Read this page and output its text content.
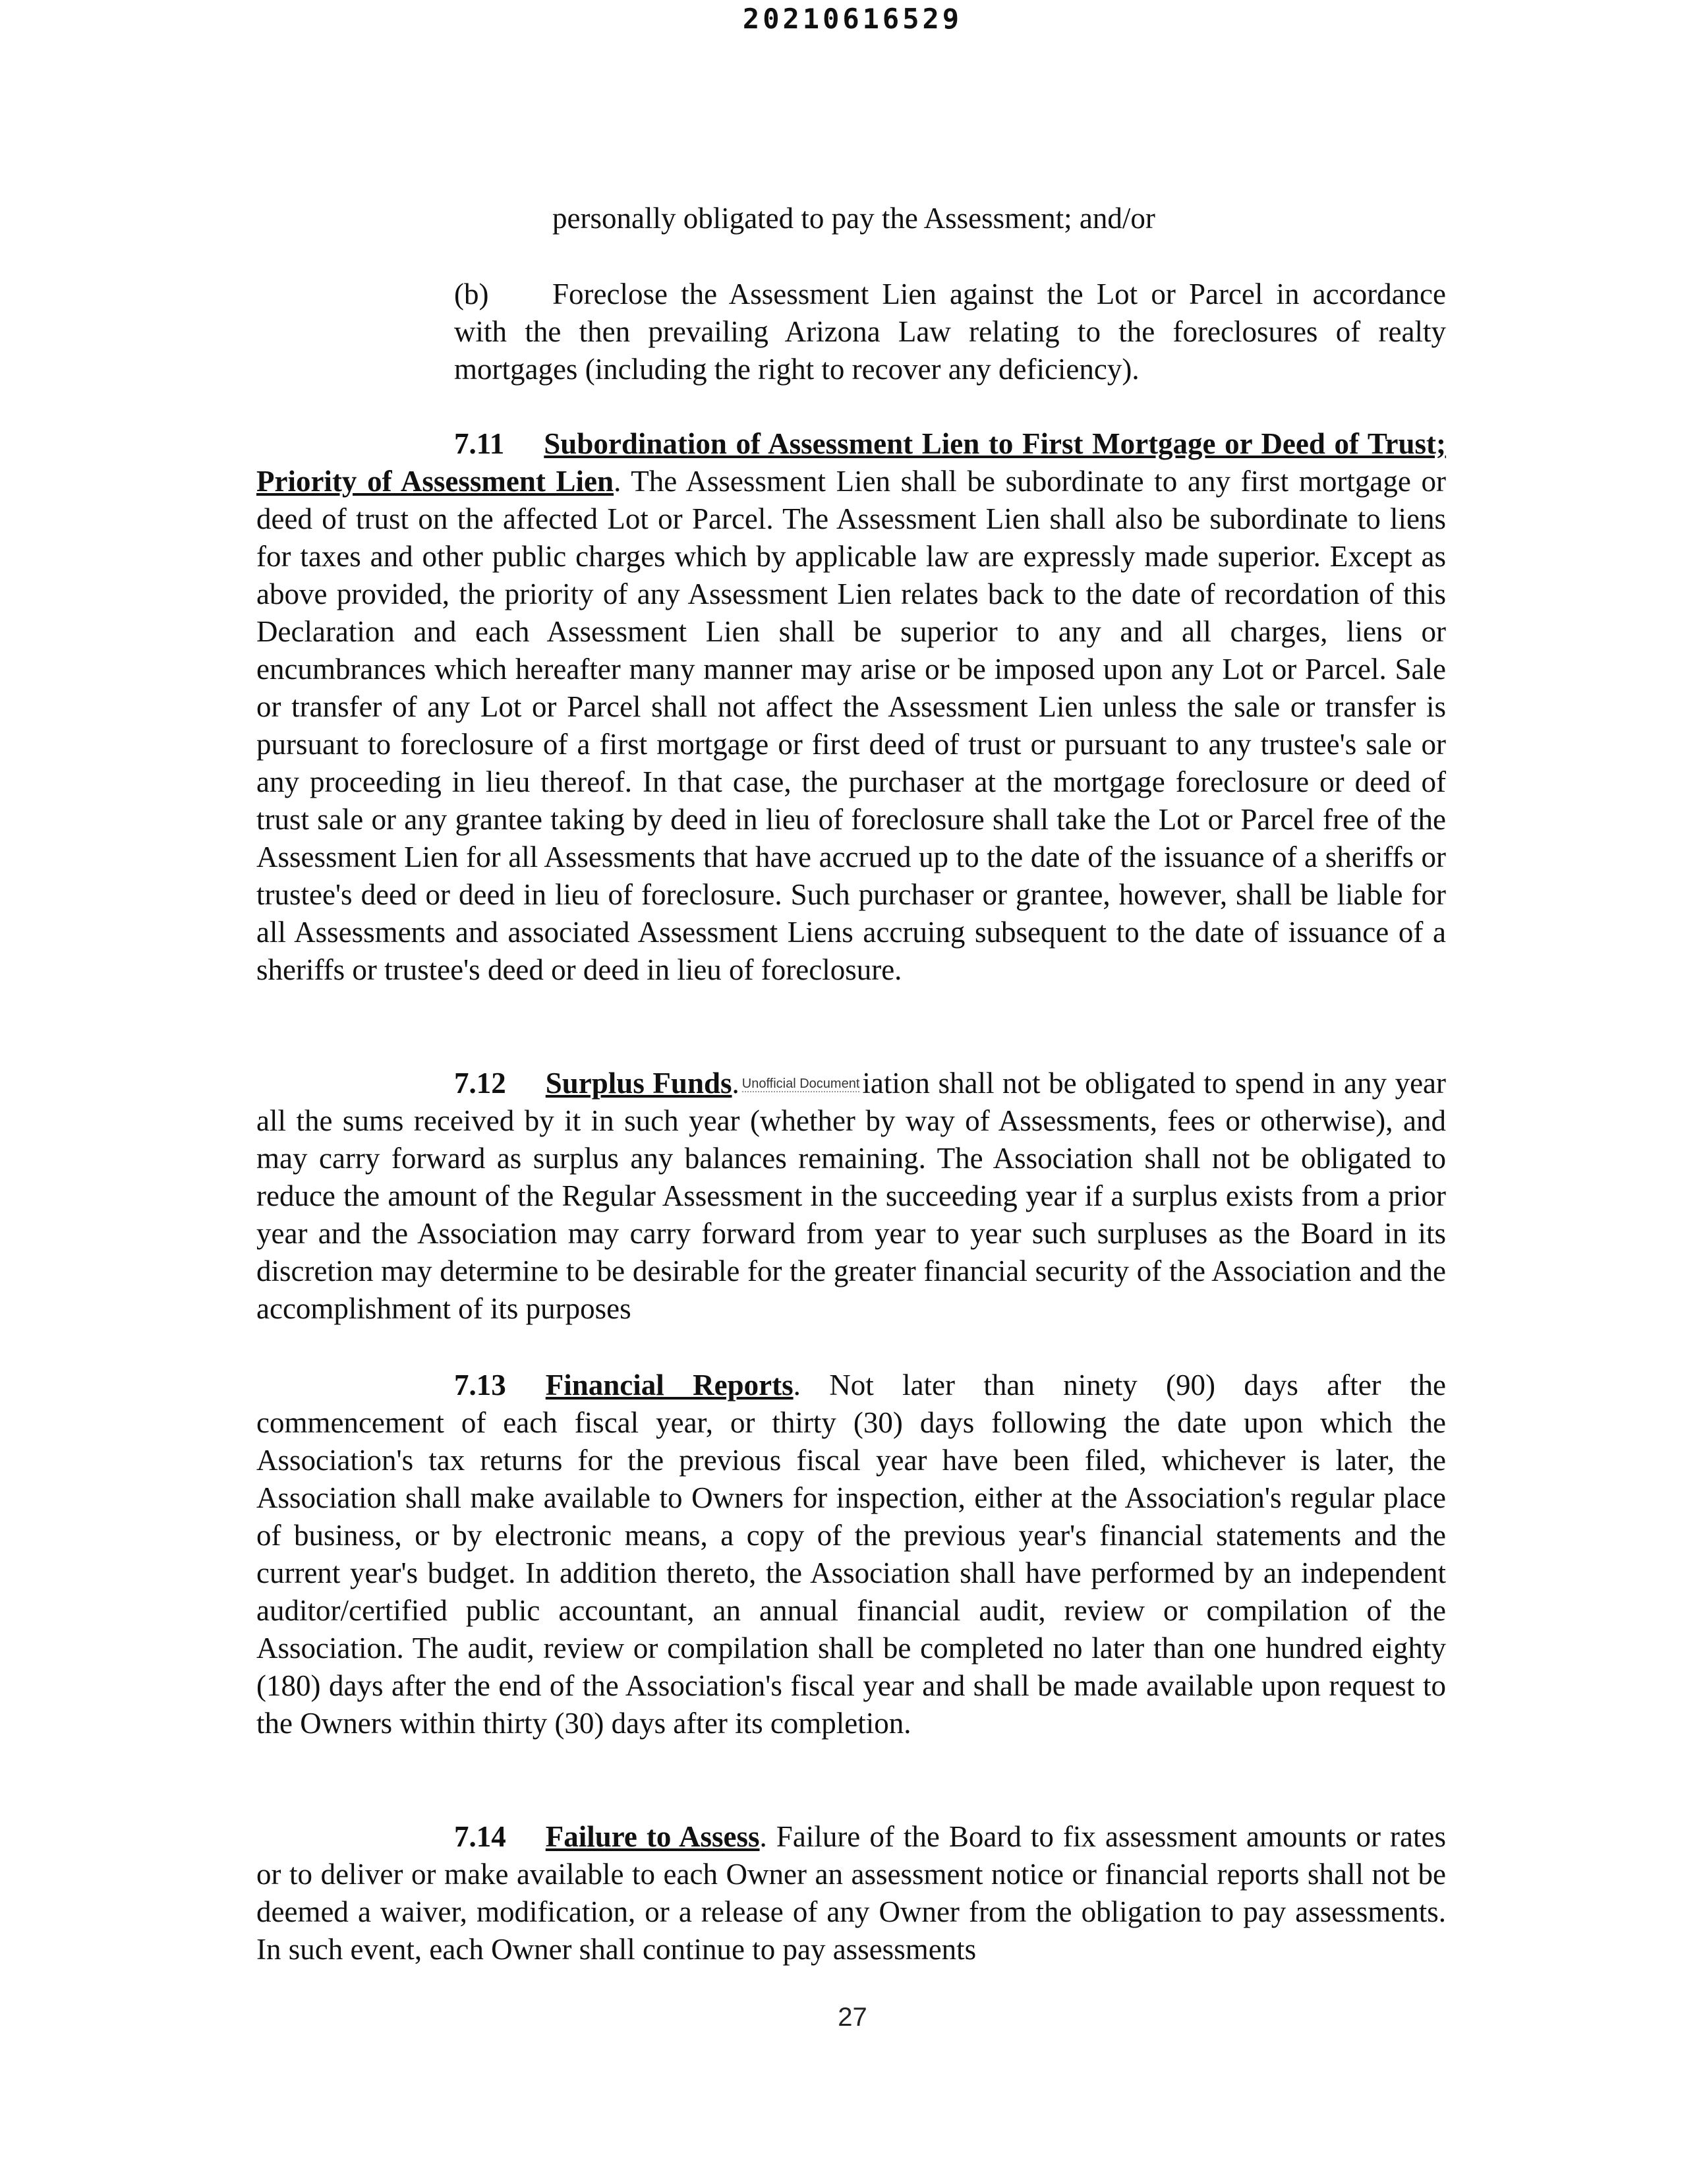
20210616529
personally obligated to pay the Assessment; and/or
(b) Foreclose the Assessment Lien against the Lot or Parcel in accordance with the then prevailing Arizona Law relating to the foreclosures of realty mortgages (including the right to recover any deficiency).
7.11 Subordination of Assessment Lien to First Mortgage or Deed of Trust; Priority of Assessment Lien. The Assessment Lien shall be subordinate to any first mortgage or deed of trust on the affected Lot or Parcel. The Assessment Lien shall also be subordinate to liens for taxes and other public charges which by applicable law are expressly made superior. Except as above provided, the priority of any Assessment Lien relates back to the date of recordation of this Declaration and each Assessment Lien shall be superior to any and all charges, liens or encumbrances which hereafter many manner may arise or be imposed upon any Lot or Parcel. Sale or transfer of any Lot or Parcel shall not affect the Assessment Lien unless the sale or transfer is pursuant to foreclosure of a first mortgage or first deed of trust or pursuant to any trustee's sale or any proceeding in lieu thereof. In that case, the purchaser at the mortgage foreclosure or deed of trust sale or any grantee taking by deed in lieu of foreclosure shall take the Lot or Parcel free of the Assessment Lien for all Assessments that have accrued up to the date of the issuance of a sheriffs or trustee's deed or deed in lieu of foreclosure. Such purchaser or grantee, however, shall be liable for all Assessments and associated Assessment Liens accruing subsequent to the date of issuance of a sheriffs or trustee's deed or deed in lieu of foreclosure.
7.12 Surplus Funds. Unofficial Documentiation shall not be obligated to spend in any year all the sums received by it in such year (whether by way of Assessments, fees or otherwise), and may carry forward as surplus any balances remaining. The Association shall not be obligated to reduce the amount of the Regular Assessment in the succeeding year if a surplus exists from a prior year and the Association may carry forward from year to year such surpluses as the Board in its discretion may determine to be desirable for the greater financial security of the Association and the accomplishment of its purposes
7.13 Financial Reports. Not later than ninety (90) days after the commencement of each fiscal year, or thirty (30) days following the date upon which the Association's tax returns for the previous fiscal year have been filed, whichever is later, the Association shall make available to Owners for inspection, either at the Association's regular place of business, or by electronic means, a copy of the previous year's financial statements and the current year's budget. In addition thereto, the Association shall have performed by an independent auditor/certified public accountant, an annual financial audit, review or compilation of the Association. The audit, review or compilation shall be completed no later than one hundred eighty (180) days after the end of the Association's fiscal year and shall be made available upon request to the Owners within thirty (30) days after its completion.
7.14 Failure to Assess. Failure of the Board to fix assessment amounts or rates or to deliver or make available to each Owner an assessment notice or financial reports shall not be deemed a waiver, modification, or a release of any Owner from the obligation to pay assessments. In such event, each Owner shall continue to pay assessments
27
